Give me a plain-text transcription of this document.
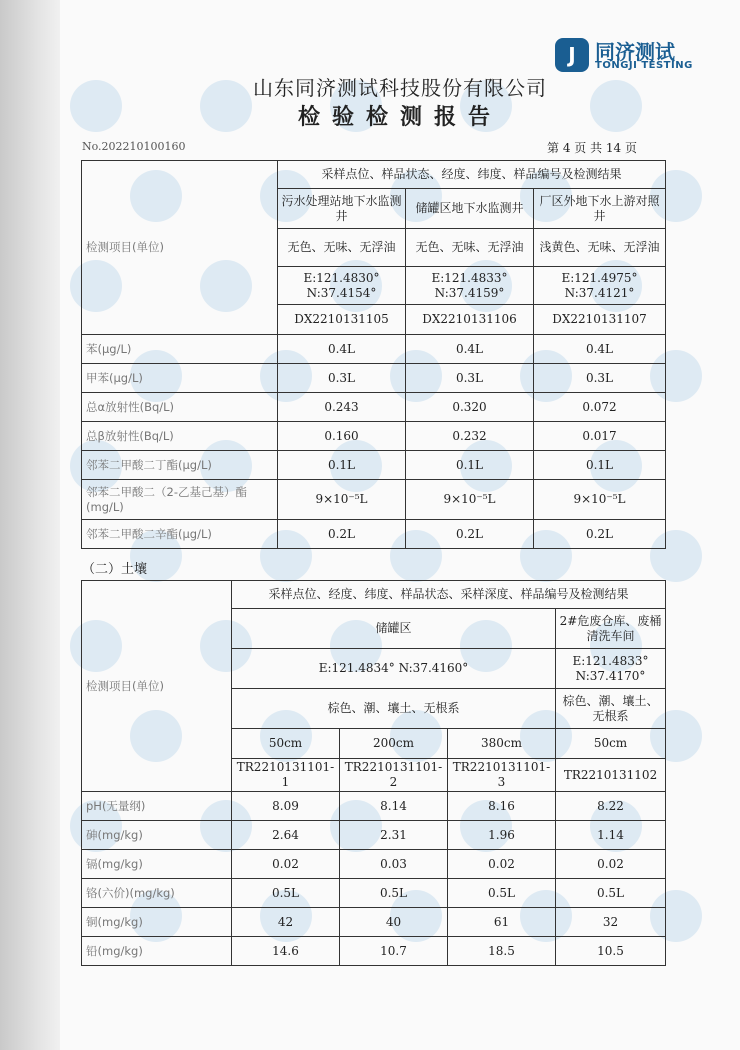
J 同济测试
TONGJI TESTING
山东同济测试科技股份有限公司
检验检测报告
No.202210100160	第 4 页 共 14 页
检测项目(单位)	采样点位、样品状态、经度、纬度、样品编号及检测结果		
	污水处理站地下水监测井	储罐区地下水监测井	厂区外地下水上游对照井
	无色、无味、无浮油	无色、无味、无浮油	浅黄色、无味、无浮油
	E:121.4830° N:37.4154°	E:121.4833° N:37.4159°	E:121.4975° N:37.4121°
	DX2210131105	DX2210131106	DX2210131107
苯(μg/L)	0.4L	0.4L	0.4L
甲苯(μg/L)	0.3L	0.3L	0.3L
总α放射性(Bq/L)	0.243	0.320	0.072
总β放射性(Bq/L)	0.160	0.232	0.017
邻苯二甲酸二丁酯(μg/L)	0.1L	0.1L	0.1L
邻苯二甲酸二（2-乙基己基）酯(mg/L)	9×10⁻⁵L	9×10⁻⁵L	9×10⁻⁵L
邻苯二甲酸二辛酯(μg/L)	0.2L	0.2L	0.2L
（二）土壤
检测项目(单位)	采样点位、经度、纬度、样品状态、采样深度、样品编号及检测结果			
	储罐区			2#危废仓库、废桶清洗车间
	E:121.4834° N:37.4160°			E:121.4833° N:37.4170°
	棕色、潮、壤土、无根系			棕色、潮、壤土、无根系
	50cm	200cm	380cm	50cm
	TR2210131101-1	TR2210131101-2	TR2210131101-3	TR2210131102
pH(无量纲)	8.09	8.14	8.16	8.22
砷(mg/kg)	2.64	2.31	1.96	1.14
镉(mg/kg)	0.02	0.03	0.02	0.02
铬(六价)(mg/kg)	0.5L	0.5L	0.5L	0.5L
铜(mg/kg)	42	40	61	32
铅(mg/kg)	14.6	10.7	18.5	10.5
